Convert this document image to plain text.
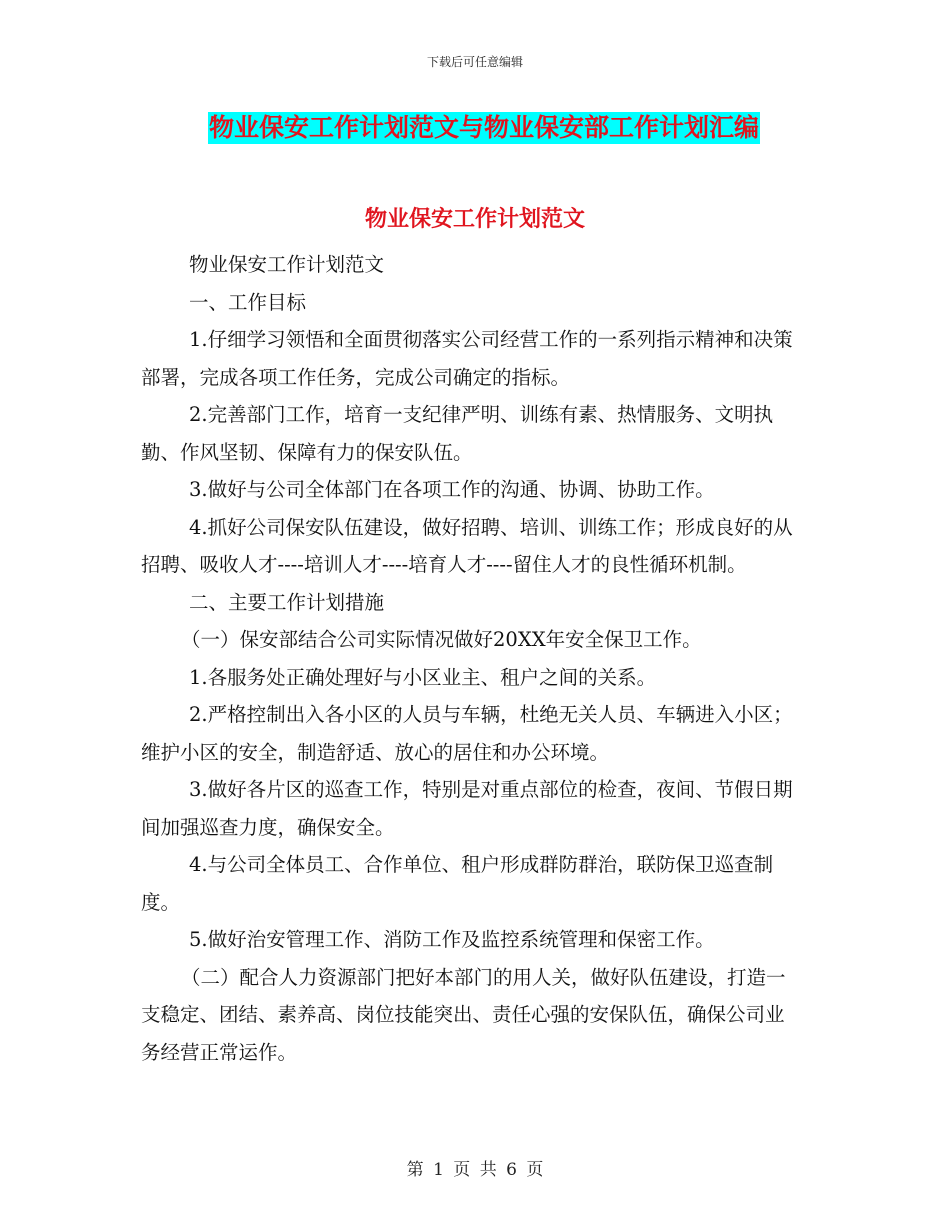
下载后可任意编辑
物业保安工作计划范文与物业保安部工作计划汇编
物业保安工作计划范文

物业保安工作计划范文

一、工作目标

1.仔细学习领悟和全面贯彻落实公司经营工作的一系列指示精神和决策部署，完成各项工作任务，完成公司确定的指标。

2.完善部门工作，培育一支纪律严明、训练有素、热情服务、文明执勤、作风坚韧、保障有力的保安队伍。

3.做好与公司全体部门在各项工作的沟通、协调、协助工作。

4.抓好公司保安队伍建设，做好招聘、培训、训练工作；形成良好的从招聘、吸收人才----培训人才----培育人才----留住人才的良性循环机制。

二、主要工作计划措施

（一）保安部结合公司实际情况做好20XX年安全保卫工作。

1.各服务处正确处理好与小区业主、租户之间的关系。

2.严格控制出入各小区的人员与车辆，杜绝无关人员、车辆进入小区；维护小区的安全，制造舒适、放心的居住和办公环境。

3.做好各片区的巡查工作，特别是对重点部位的检查，夜间、节假日期间加强巡查力度，确保安全。

4.与公司全体员工、合作单位、租户形成群防群治，联防保卫巡查制度。

5.做好治安管理工作、消防工作及监控系统管理和保密工作。

（二）配合人力资源部门把好本部门的用人关，做好队伍建设，打造一支稳定、团结、素养高、岗位技能突出、责任心强的安保队伍，确保公司业务经营正常运作。

第 1 页 共 6 页
